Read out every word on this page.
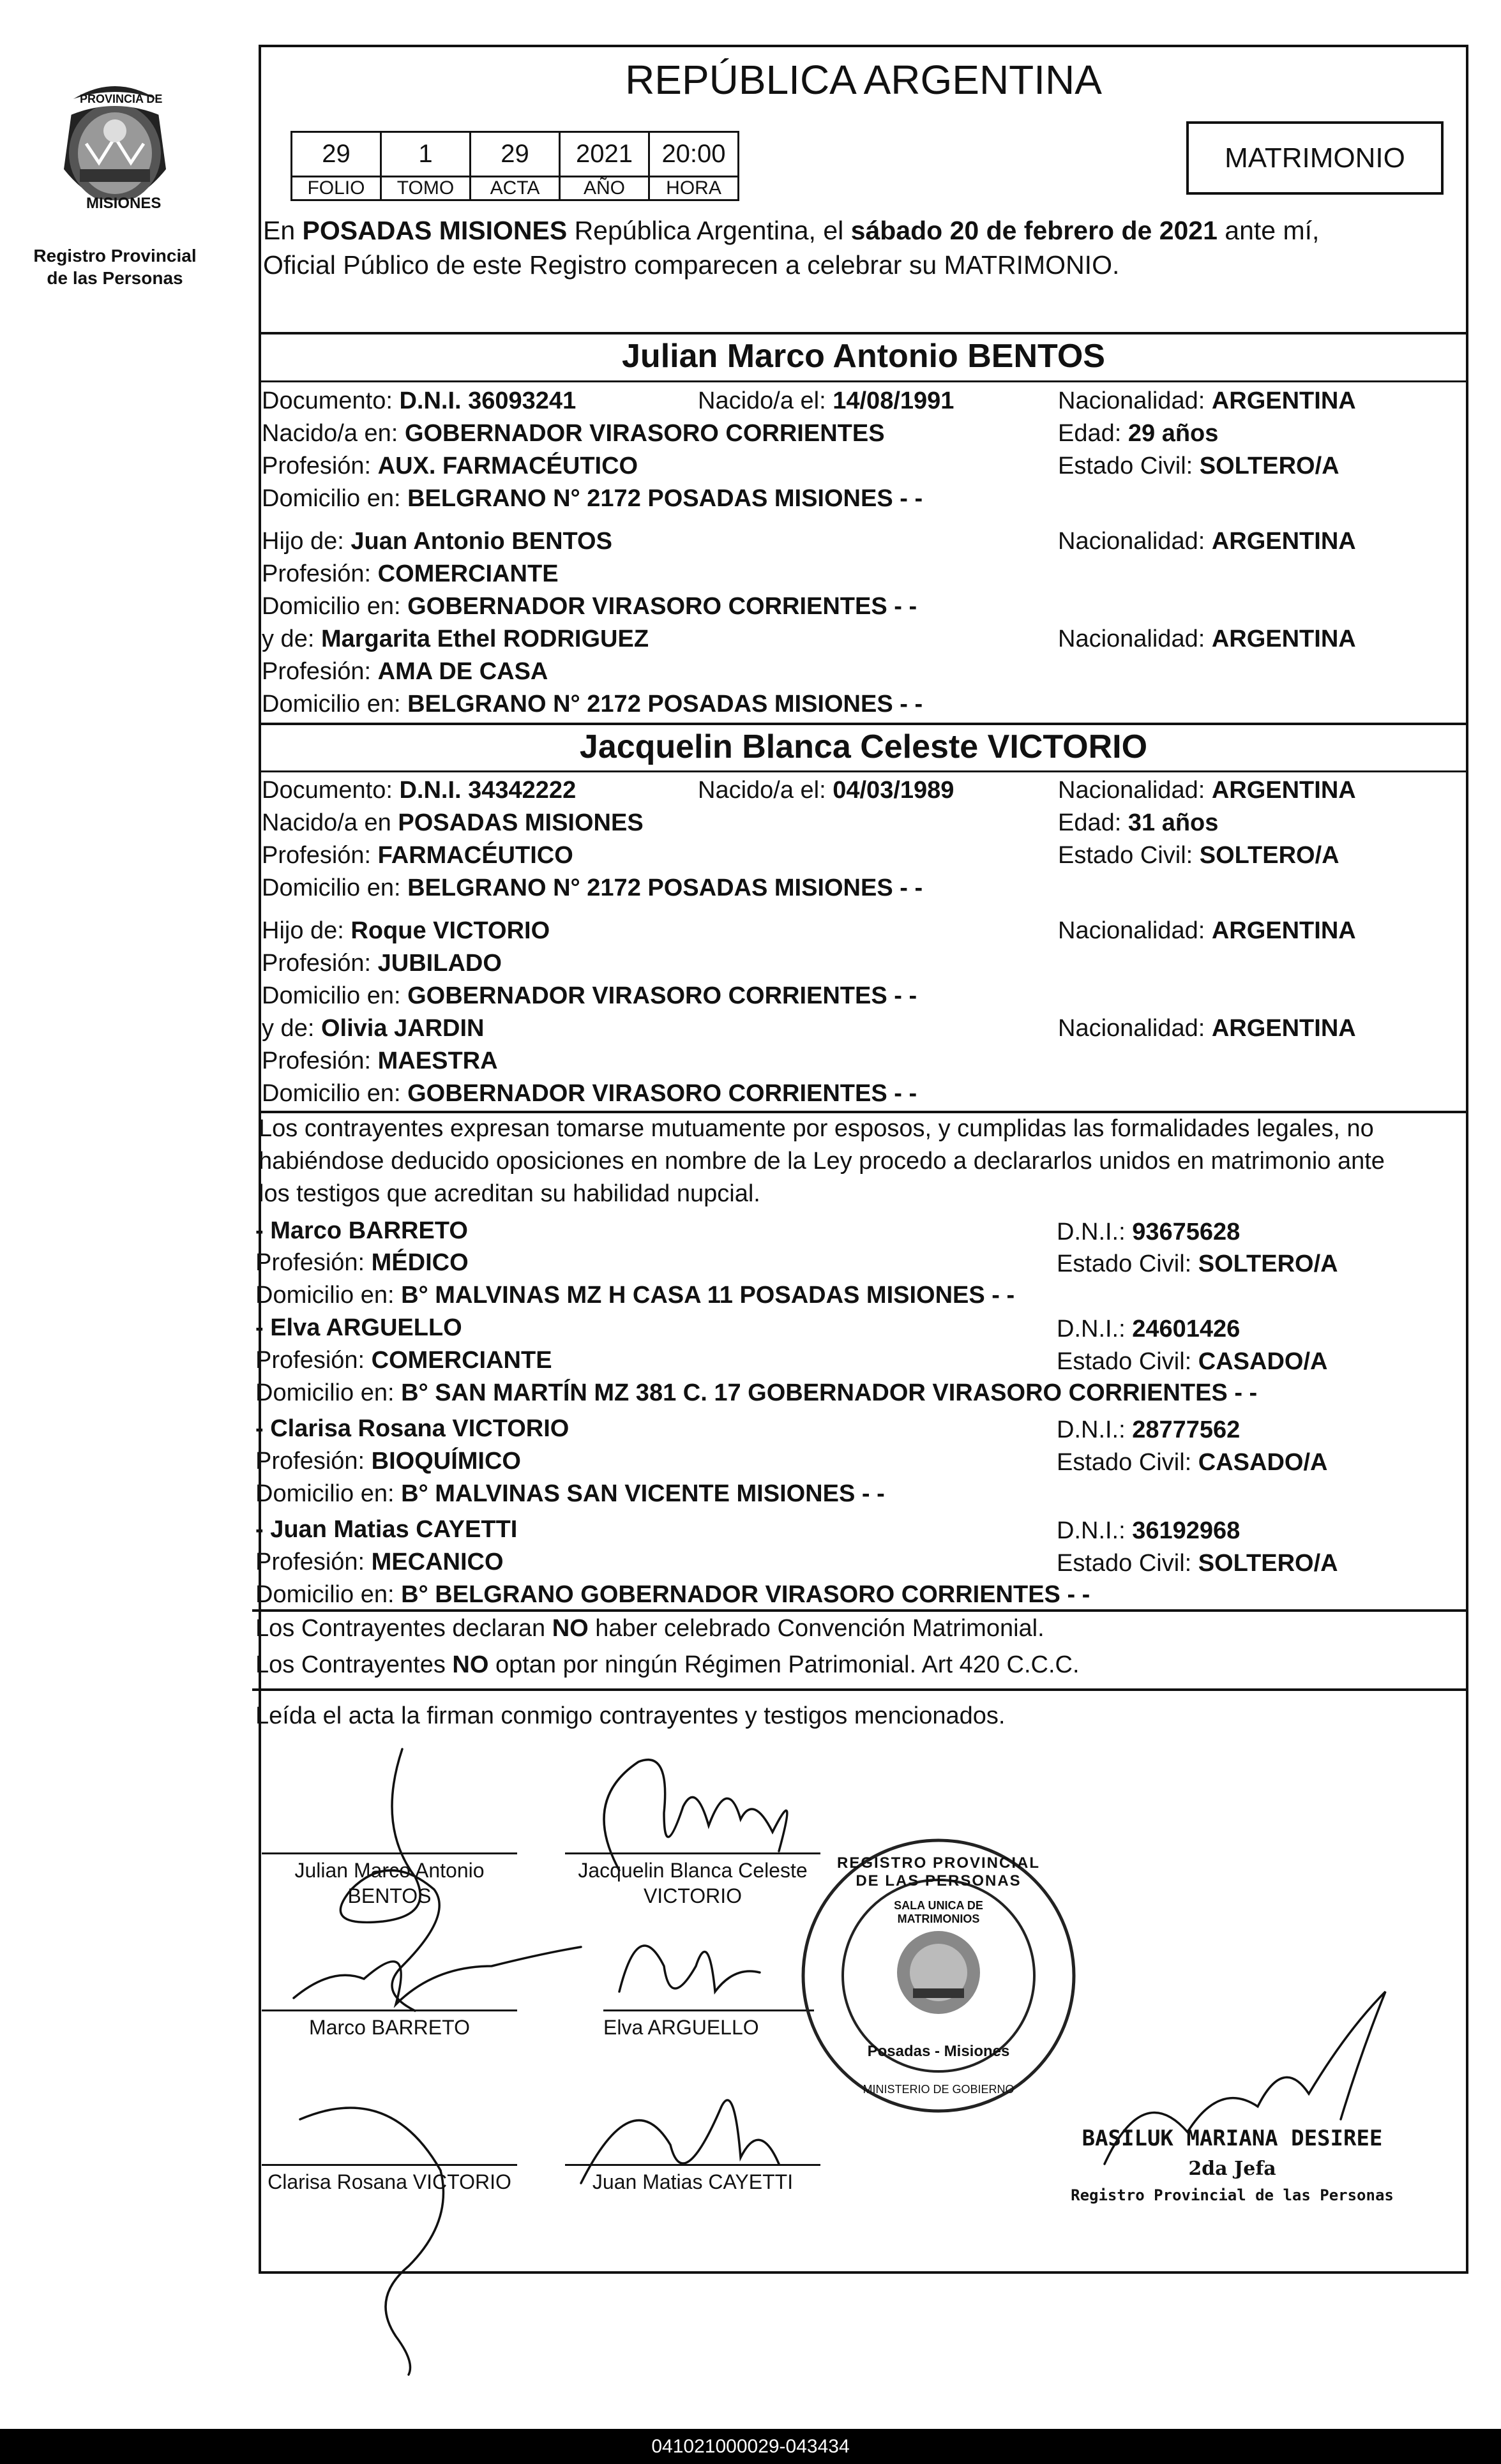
PROVINCIA DE
MISIONES
Registro Provincial
de las Personas
REPÚBLICA ARGENTINA
29	1	29	2021	20:00
FOLIO	TOMO	ACTA	AÑO	HORA
MATRIMONIO
En POSADAS MISIONES República Argentina, el sábado 20 de febrero de 2021 ante mí,
Oficial Público de este Registro comparecen a celebrar su MATRIMONIO.
Julian Marco Antonio BENTOS
Documento: D.N.I. 36093241	Nacido/a el: 14/08/1991	Nacionalidad: ARGENTINA
Nacido/a en: GOBERNADOR VIRASORO CORRIENTES	Edad: 29 años
Profesión: AUX. FARMACÉUTICO	Estado Civil: SOLTERO/A
Domicilio en: BELGRANO N° 2172 POSADAS MISIONES - -
Hijo de: Juan Antonio BENTOS	Nacionalidad: ARGENTINA
Profesión: COMERCIANTE
Domicilio en: GOBERNADOR VIRASORO CORRIENTES - -
y de: Margarita Ethel RODRIGUEZ	Nacionalidad: ARGENTINA
Profesión: AMA DE CASA
Domicilio en: BELGRANO N° 2172 POSADAS MISIONES - -
Jacquelin Blanca Celeste VICTORIO
Documento: D.N.I. 34342222	Nacido/a el: 04/03/1989	Nacionalidad: ARGENTINA
Nacido/a en POSADAS MISIONES	Edad: 31 años
Profesión: FARMACÉUTICO	Estado Civil: SOLTERO/A
Domicilio en: BELGRANO N° 2172 POSADAS MISIONES - -
Hijo de: Roque VICTORIO	Nacionalidad: ARGENTINA
Profesión: JUBILADO
Domicilio en: GOBERNADOR VIRASORO CORRIENTES - -
y de: Olivia JARDIN	Nacionalidad: ARGENTINA
Profesión: MAESTRA
Domicilio en: GOBERNADOR VIRASORO CORRIENTES - -
Los contrayentes expresan tomarse mutuamente por esposos, y cumplidas las formalidades legales, no
habiéndose deducido oposiciones en nombre de la Ley procedo a declararlos unidos en matrimonio ante
los testigos que acreditan su habilidad nupcial.
- Marco BARRETO	D.N.I.: 93675628
Profesión: MÉDICO	Estado Civil: SOLTERO/A
Domicilio en: B° MALVINAS MZ H CASA 11 POSADAS MISIONES - -
- Elva ARGUELLO	D.N.I.: 24601426
Profesión: COMERCIANTE	Estado Civil: CASADO/A
Domicilio en: B° SAN MARTÍN MZ 381 C. 17 GOBERNADOR VIRASORO CORRIENTES - -
- Clarisa Rosana VICTORIO	D.N.I.: 28777562
Profesión: BIOQUÍMICO	Estado Civil: CASADO/A
Domicilio en: B° MALVINAS SAN VICENTE MISIONES - -
- Juan Matias CAYETTI	D.N.I.: 36192968
Profesión: MECANICO	Estado Civil: SOLTERO/A
Domicilio en: B° BELGRANO GOBERNADOR VIRASORO CORRIENTES - -
Los Contrayentes declaran NO haber celebrado Convención Matrimonial.
Los Contrayentes NO optan por ningún Régimen Patrimonial. Art 420 C.C.C.
Leída el acta la firman conmigo contrayentes y testigos mencionados.
Julian Marco Antonio
BENTOS
Jacquelin Blanca Celeste
VICTORIO
Marco BARRETO	Elva ARGUELLO
Clarisa Rosana VICTORIO	Juan Matias CAYETTI
REGISTRO PROVINCIAL DE LAS PERSONAS
SALA UNICA DE MATRIMONIOS
Posadas - Misiones
MINISTERIO DE GOBIERNO
BASILUK MARIANA DESIREE
2da Jefa
Registro Provincial de las Personas
041021000029-043434
